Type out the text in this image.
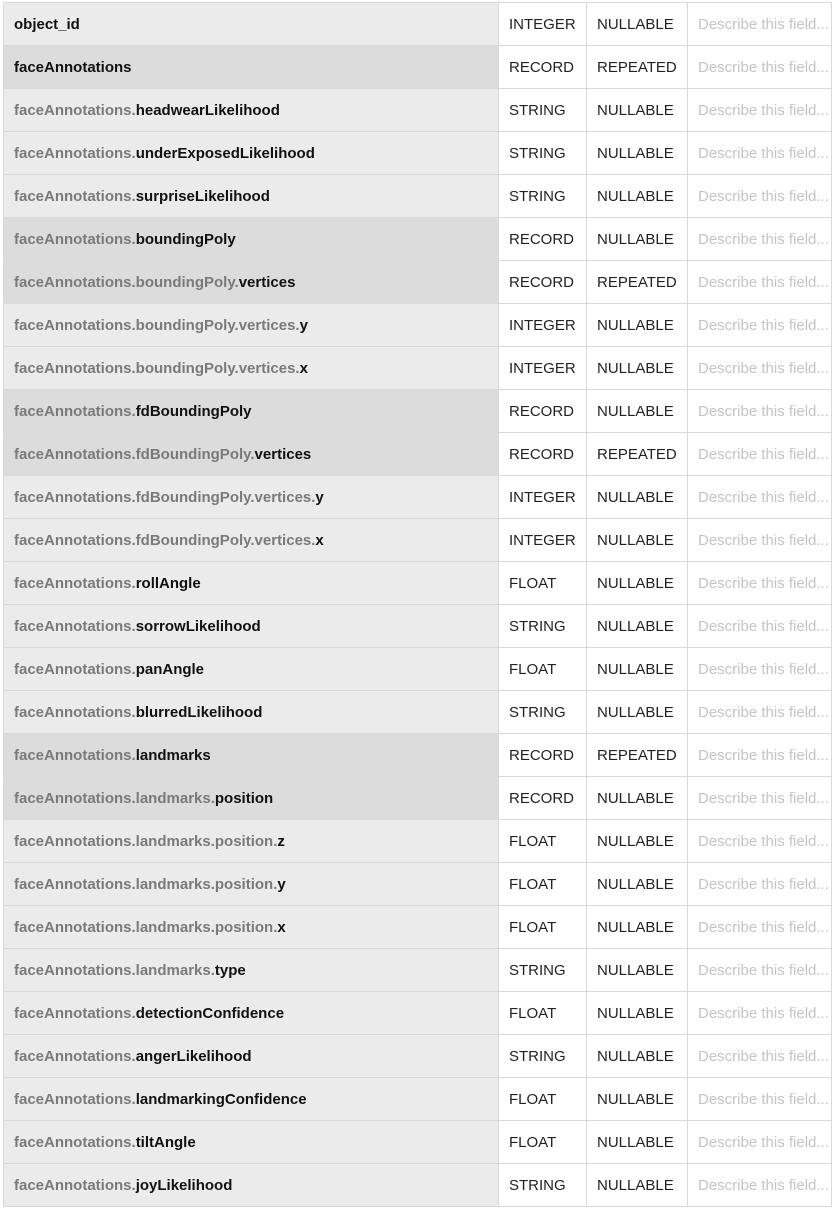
object_id	INTEGER	NULLABLE	Describe this field...
faceAnnotations	RECORD	REPEATED	Describe this field...
faceAnnotations.headwearLikelihood	STRING	NULLABLE	Describe this field...
faceAnnotations.underExposedLikelihood	STRING	NULLABLE	Describe this field...
faceAnnotations.surpriseLikelihood	STRING	NULLABLE	Describe this field...
faceAnnotations.boundingPoly	RECORD	NULLABLE	Describe this field...
faceAnnotations.boundingPoly.vertices	RECORD	REPEATED	Describe this field...
faceAnnotations.boundingPoly.vertices.y	INTEGER	NULLABLE	Describe this field...
faceAnnotations.boundingPoly.vertices.x	INTEGER	NULLABLE	Describe this field...
faceAnnotations.fdBoundingPoly	RECORD	NULLABLE	Describe this field...
faceAnnotations.fdBoundingPoly.vertices	RECORD	REPEATED	Describe this field...
faceAnnotations.fdBoundingPoly.vertices.y	INTEGER	NULLABLE	Describe this field...
faceAnnotations.fdBoundingPoly.vertices.x	INTEGER	NULLABLE	Describe this field...
faceAnnotations.rollAngle	FLOAT	NULLABLE	Describe this field...
faceAnnotations.sorrowLikelihood	STRING	NULLABLE	Describe this field...
faceAnnotations.panAngle	FLOAT	NULLABLE	Describe this field...
faceAnnotations.blurredLikelihood	STRING	NULLABLE	Describe this field...
faceAnnotations.landmarks	RECORD	REPEATED	Describe this field...
faceAnnotations.landmarks.position	RECORD	NULLABLE	Describe this field...
faceAnnotations.landmarks.position.z	FLOAT	NULLABLE	Describe this field...
faceAnnotations.landmarks.position.y	FLOAT	NULLABLE	Describe this field...
faceAnnotations.landmarks.position.x	FLOAT	NULLABLE	Describe this field...
faceAnnotations.landmarks.type	STRING	NULLABLE	Describe this field...
faceAnnotations.detectionConfidence	FLOAT	NULLABLE	Describe this field...
faceAnnotations.angerLikelihood	STRING	NULLABLE	Describe this field...
faceAnnotations.landmarkingConfidence	FLOAT	NULLABLE	Describe this field...
faceAnnotations.tiltAngle	FLOAT	NULLABLE	Describe this field...
faceAnnotations.joyLikelihood	STRING	NULLABLE	Describe this field...
